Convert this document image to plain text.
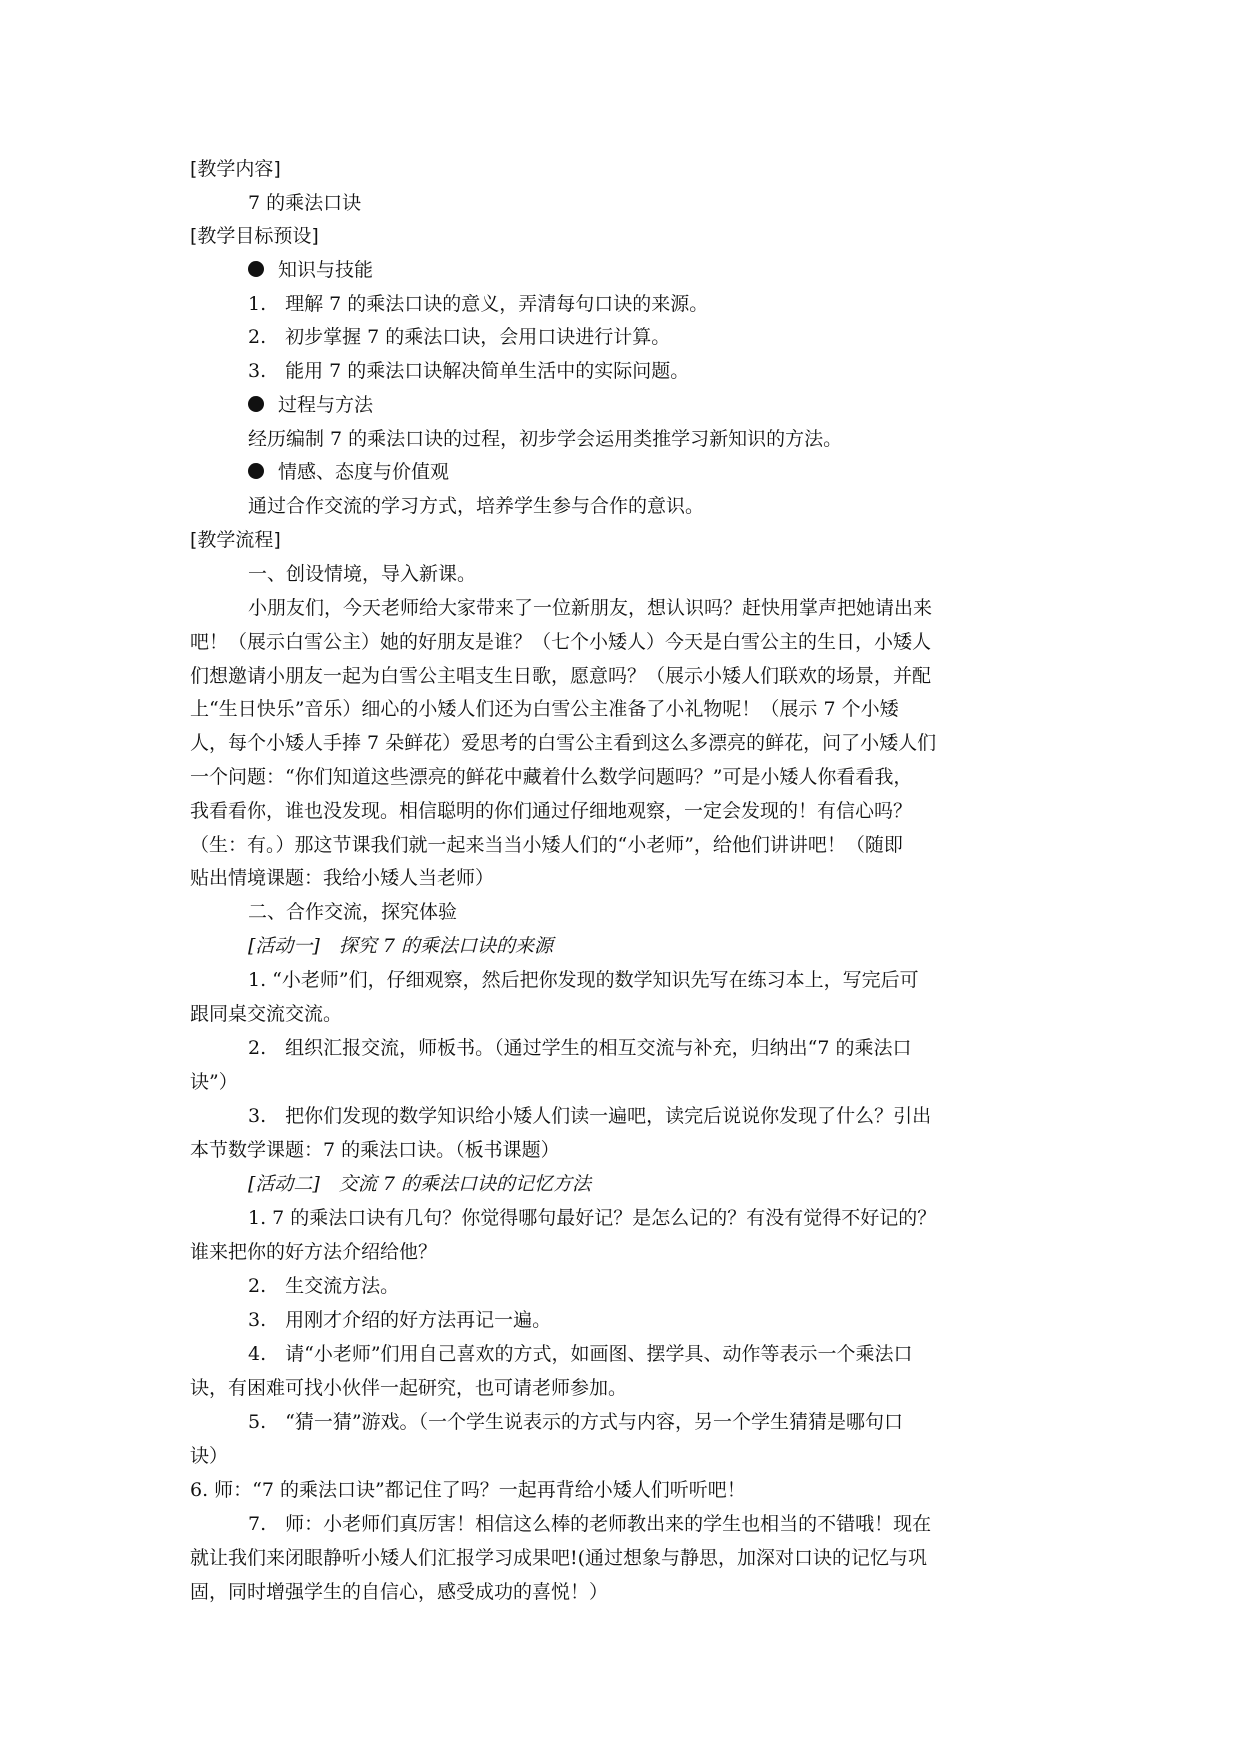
[教学内容]
7 的乘法口诀
[教学目标预设]
知识与技能
1.　理解 7 的乘法口诀的意义，弄清每句口诀的来源。
2.　初步掌握 7 的乘法口诀，会用口诀进行计算。
3.　能用 7 的乘法口诀解决简单生活中的实际问题。
过程与方法
经历编制 7 的乘法口诀的过程，初步学会运用类推学习新知识的方法。
情感、态度与价值观
通过合作交流的学习方式，培养学生参与合作的意识。
[教学流程]
一、创设情境，导入新课。
小朋友们，今天老师给大家带来了一位新朋友，想认识吗？赶快用掌声把她请出来
吧！（展示白雪公主）她的好朋友是谁？（七个小矮人）今天是白雪公主的生日，小矮人
们想邀请小朋友一起为白雪公主唱支生日歌，愿意吗？（展示小矮人们联欢的场景，并配
上“生日快乐”音乐）细心的小矮人们还为白雪公主准备了小礼物呢！（展示 7 个小矮
人，每个小矮人手捧 7 朵鲜花）爱思考的白雪公主看到这么多漂亮的鲜花，问了小矮人们
一个问题：“你们知道这些漂亮的鲜花中藏着什么数学问题吗？”可是小矮人你看看我，
我看看你，谁也没发现。相信聪明的你们通过仔细地观察，一定会发现的！有信心吗？
（生：有。）那这节课我们就一起来当当小矮人们的“小老师”，给他们讲讲吧！（随即
贴出情境课题：我给小矮人当老师）
二、合作交流，探究体验
[活动一]　探究 7 的乘法口诀的来源
1. “小老师”们，仔细观察，然后把你发现的数学知识先写在练习本上，写完后可
跟同桌交流交流。
2.　组织汇报交流，师板书。（通过学生的相互交流与补充，归纳出“7 的乘法口
诀”）
3.　把你们发现的数学知识给小矮人们读一遍吧，读完后说说你发现了什么？引出
本节数学课题：7 的乘法口诀。（板书课题）
[活动二]　交流 7 的乘法口诀的记忆方法
1. 7 的乘法口诀有几句？你觉得哪句最好记？是怎么记的？有没有觉得不好记的？
谁来把你的好方法介绍给他？
2.　生交流方法。
3.　用刚才介绍的好方法再记一遍。
4.　请“小老师”们用自己喜欢的方式，如画图、摆学具、动作等表示一个乘法口
诀，有困难可找小伙伴一起研究，也可请老师参加。
5.　“猜一猜”游戏。（一个学生说表示的方式与内容，另一个学生猜猜是哪句口
诀）
6. 师：“7 的乘法口诀”都记住了吗？一起再背给小矮人们听听吧！
7.　师：小老师们真厉害！相信这么棒的老师教出来的学生也相当的不错哦！现在
就让我们来闭眼静听小矮人们汇报学习成果吧!(通过想象与静思，加深对口诀的记忆与巩
固，同时增强学生的自信心，感受成功的喜悦！）
